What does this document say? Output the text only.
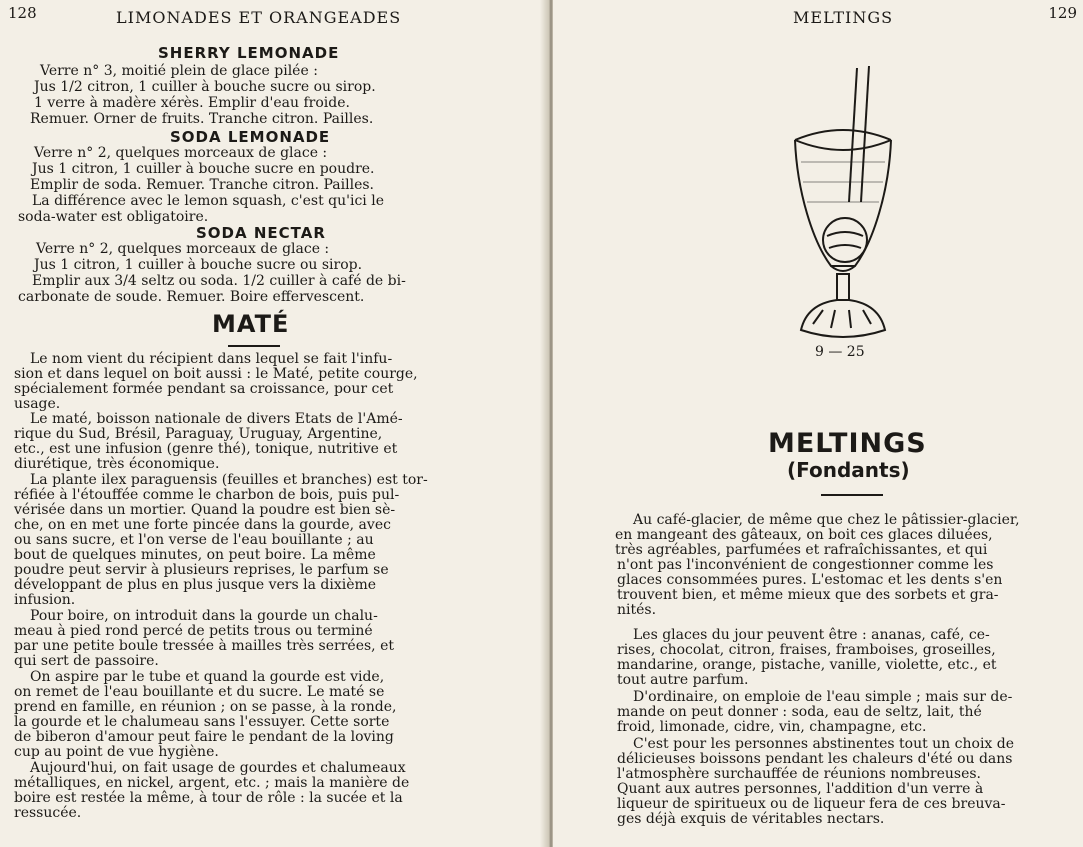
128	LIMONADES ET ORANGEADES
SHERRY LEMONADE
Verre n° 3, moitié plein de glace pilée :
Jus 1/2 citron, 1 cuiller à bouche sucre ou sirop.
1 verre à madère xérès. Emplir d'eau froide.
Remuer. Orner de fruits. Tranche citron. Pailles.
SODA LEMONADE
Verre n° 2, quelques morceaux de glace :
Jus 1 citron, 1 cuiller à bouche sucre en poudre.
Emplir de soda. Remuer. Tranche citron. Pailles.
La différence avec le lemon squash, c'est qu'ici le
soda-water est obligatoire.
SODA NECTAR
Verre n° 2, quelques morceaux de glace :
Jus 1 citron, 1 cuiller à bouche sucre ou sirop.
Emplir aux 3/4 seltz ou soda. 1/2 cuiller à café de bi-
carbonate de soude. Remuer. Boire effervescent.
MATÉ
Le nom vient du récipient dans lequel se fait l'infu-
sion et dans lequel on boit aussi : le Maté, petite courge,
spécialement formée pendant sa croissance, pour cet
usage.
Le maté, boisson nationale de divers Etats de l'Amé-
rique du Sud, Brésil, Paraguay, Uruguay, Argentine,
etc., est une infusion (genre thé), tonique, nutritive et
diurétique, très économique.
La plante ilex paraguensis (feuilles et branches) est tor-
réfiée à l'étouffée comme le charbon de bois, puis pul-
vérisée dans un mortier. Quand la poudre est bien sè-
che, on en met une forte pincée dans la gourde, avec
ou sans sucre, et l'on verse de l'eau bouillante ; au
bout de quelques minutes, on peut boire. La même
poudre peut servir à plusieurs reprises, le parfum se
développant de plus en plus jusque vers la dixième
infusion.
Pour boire, on introduit dans la gourde un chalu-
meau à pied rond percé de petits trous ou terminé
par une petite boule tressée à mailles très serrées, et
qui sert de passoire.
On aspire par le tube et quand la gourde est vide,
on remet de l'eau bouillante et du sucre. Le maté se
prend en famille, en réunion ; on se passe, à la ronde,
la gourde et le chalumeau sans l'essuyer. Cette sorte
de biberon d'amour peut faire le pendant de la loving
cup au point de vue hygiène.
Aujourd'hui, on fait usage de gourdes et chalumeaux
métalliques, en nickel, argent, etc. ; mais la manière de
boire est restée la même, à tour de rôle : la sucée et la
ressucée.
MELTINGS	129
9 — 25
MELTINGS
(Fondants)
Au café-glacier, de même que chez le pâtissier-glacier,
en mangeant des gâteaux, on boit ces glaces diluées,
très agréables, parfumées et rafraîchissantes, et qui
n'ont pas l'inconvénient de congestionner comme les
glaces consommées pures. L'estomac et les dents s'en
trouvent bien, et même mieux que des sorbets et gra-
nités.
Les glaces du jour peuvent être : ananas, café, ce-
rises, chocolat, citron, fraises, framboises, groseilles,
mandarine, orange, pistache, vanille, violette, etc., et
tout autre parfum.
D'ordinaire, on emploie de l'eau simple ; mais sur de-
mande on peut donner : soda, eau de seltz, lait, thé
froid, limonade, cidre, vin, champagne, etc.
C'est pour les personnes abstinentes tout un choix de
délicieuses boissons pendant les chaleurs d'été ou dans
l'atmosphère surchauffée de réunions nombreuses.
Quant aux autres personnes, l'addition d'un verre à
liqueur de spiritueux ou de liqueur fera de ces breuva-
ges déjà exquis de véritables nectars.
